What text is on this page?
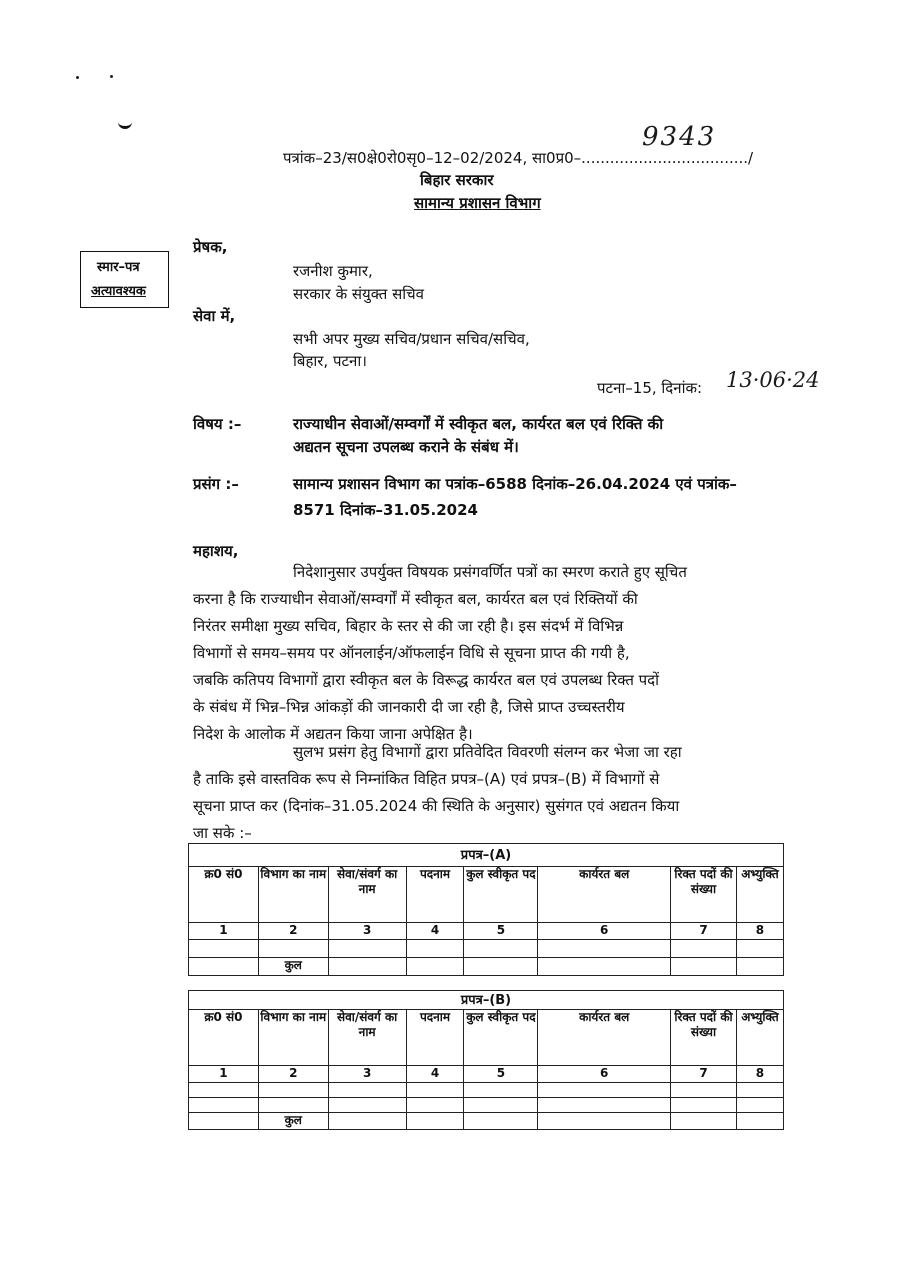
पत्रांक–23/स0क्षे0रो0सृ0–12–02/2024, सा0प्र0–.................................../
9343
बिहार सरकार
सामान्य प्रशासन विभाग
स्मार–पत्र
अत्यावश्यक
प्रेषक,
रजनीश कुमार,
सरकार के संयुक्त सचिव
सेवा में,
सभी अपर मुख्य सचिव/प्रधान सचिव/सचिव,
बिहार, पटना।
पटना–15, दिनांक: 13·06·24
विषय :–	राज्याधीन सेवाओं/सम्वर्गों में स्वीकृत बल, कार्यरत बल एवं रिक्ति की
अद्यतन सूचना उपलब्ध कराने के संबंध में।
प्रसंग :–	सामान्य प्रशासन विभाग का पत्रांक–6588 दिनांक–26.04.2024 एवं पत्रांक–
8571 दिनांक–31.05.2024
महाशय,
निदेशानुसार उपर्युक्त विषयक प्रसंगवर्णित पत्रों का स्मरण कराते हुए सूचित
करना है कि राज्याधीन सेवाओं/सम्वर्गों में स्वीकृत बल, कार्यरत बल एवं रिक्तियों की
निरंतर समीक्षा मुख्य सचिव, बिहार के स्तर से की जा रही है। इस संदर्भ में विभिन्न
विभागों से समय–समय पर ऑनलाईन/ऑफलाईन विधि से सूचना प्राप्त की गयी है,
जबकि कतिपय विभागों द्वारा स्वीकृत बल के विरूद्ध कार्यरत बल एवं उपलब्ध रिक्त पदों
के संबंध में भिन्न–भिन्न आंकड़ों की जानकारी दी जा रही है, जिसे प्राप्त उच्चस्तरीय
निदेश के आलोक में अद्यतन किया जाना अपेक्षित है।
सुलभ प्रसंग हेतु विभागों द्वारा प्रतिवेदित विवरणी संलग्न कर भेजा जा रहा
है ताकि इसे वास्तविक रूप से निम्नांकित विहित प्रपत्र–(A) एवं प्रपत्र–(B) में विभागों से
सूचना प्राप्त कर (दिनांक–31.05.2024 की स्थिति के अनुसार) सुसंगत एवं अद्यतन किया
जा सके :–
प्रपत्र–(A)							
क्र0 सं0	विभाग का नाम	सेवा/संवर्ग का नाम	पदनाम	कुल स्वीकृत पद	कार्यरत बल	रिक्त पदों की संख्या	अभ्युक्ति
1	2	3	4	5	6	7	8

	कुल						
प्रपत्र–(B)							
क्र0 सं0	विभाग का नाम	सेवा/संवर्ग का नाम	पदनाम	कुल स्वीकृत पद	कार्यरत बल	रिक्त पदों की संख्या	अभ्युक्ति
1	2	3	4	5	6	7	8

	कुल						
